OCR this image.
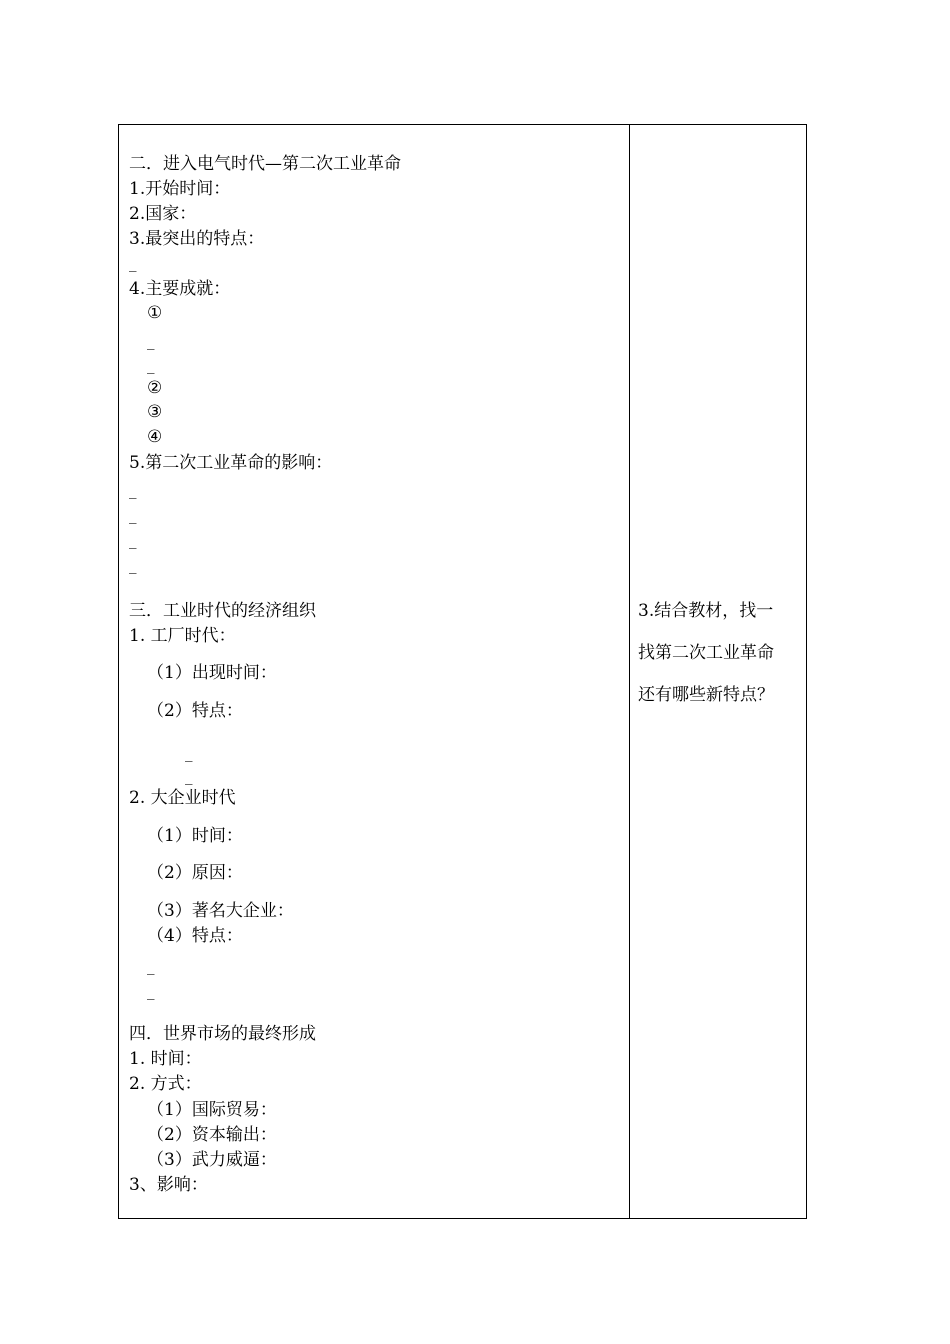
二．进入电气时代—第二次工业革命
1.开始时间：
2.国家：
3.最突出的特点：
_
4.主要成就：
①
_
_
②
③
④
5.第二次工业革命的影响：
_
_
_
_
三．工业时代的经济组织
1. 工厂时代：
（1）出现时间：
（2）特点：
_
_
2. 大企业时代
（1）时间：
（2）原因：
（3）著名大企业：
（4）特点：
_
_
四．世界市场的最终形成
1. 时间：
2. 方式：
（1）国际贸易：
（2）资本输出：
（3）武力威逼：
3、影响：
3.结合教材，找一
找第二次工业革命
还有哪些新特点？
